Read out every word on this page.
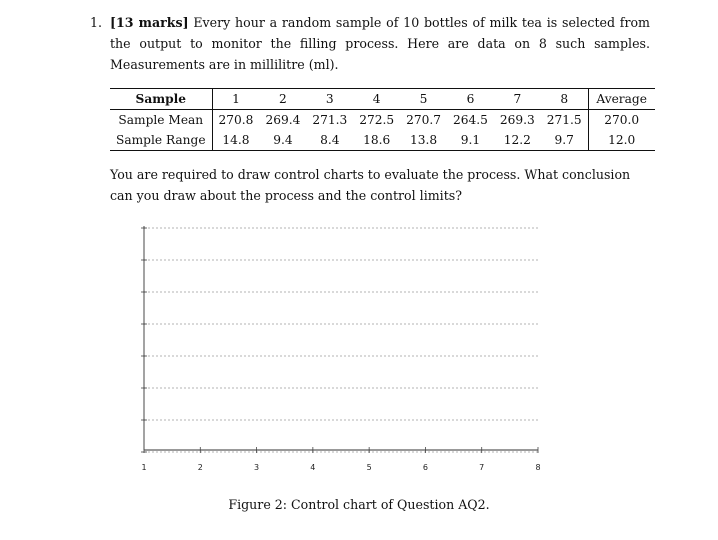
1. [13 marks] Every hour a random sample of 10 bottles of milk tea is selected from the output to monitor the filling process. Here are data on 8 such samples. Measurements are in millilitre (ml).
Sample	1	2	3	4	5	6	7	8	Average
Sample Mean	270.8	269.4	271.3	272.5	270.7	264.5	269.3	271.5	270.0
Sample Range	14.8	9.4	8.4	18.6	13.8	9.1	12.2	9.7	12.0
You are required to draw control charts to evaluate the process. What conclusion can you draw about the process and the control limits?
1	2	3	4	5	6	7	8
Figure 2: Control chart of Question AQ2.
